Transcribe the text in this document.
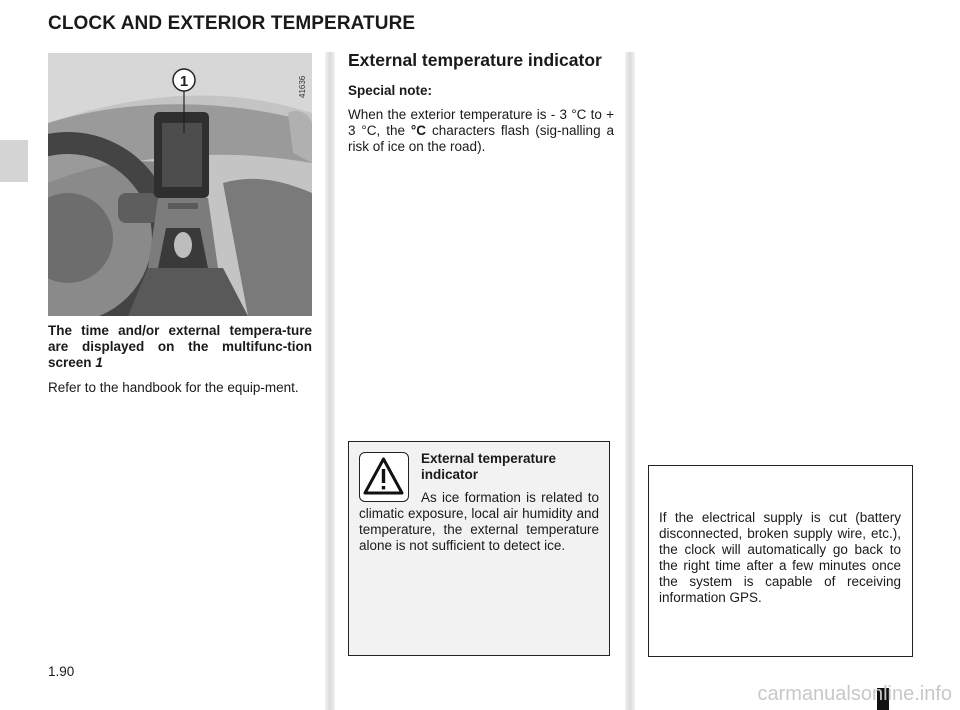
CLOCK AND EXTERIOR TEMPERATURE
1	41636

The time and/or external tempera-ture are displayed on the multifunc-tion screen 1

Refer to the handbook for the equip-ment.

External temperature indicator
Special note:

When the exterior temperature is - 3 °C to + 3 °C, the °C characters flash (sig-nalling a risk of ice on the road).

External temperature indicator

As ice formation is related to climatic exposure, local air humidity and temperature, the external temperature alone is not sufficient to detect ice.

If the electrical supply is cut (battery disconnected, broken supply wire, etc.), the clock will automatically go back to the right time after a few minutes once the system is capable of receiving information GPS.
1.90
carmanualsonline.info
